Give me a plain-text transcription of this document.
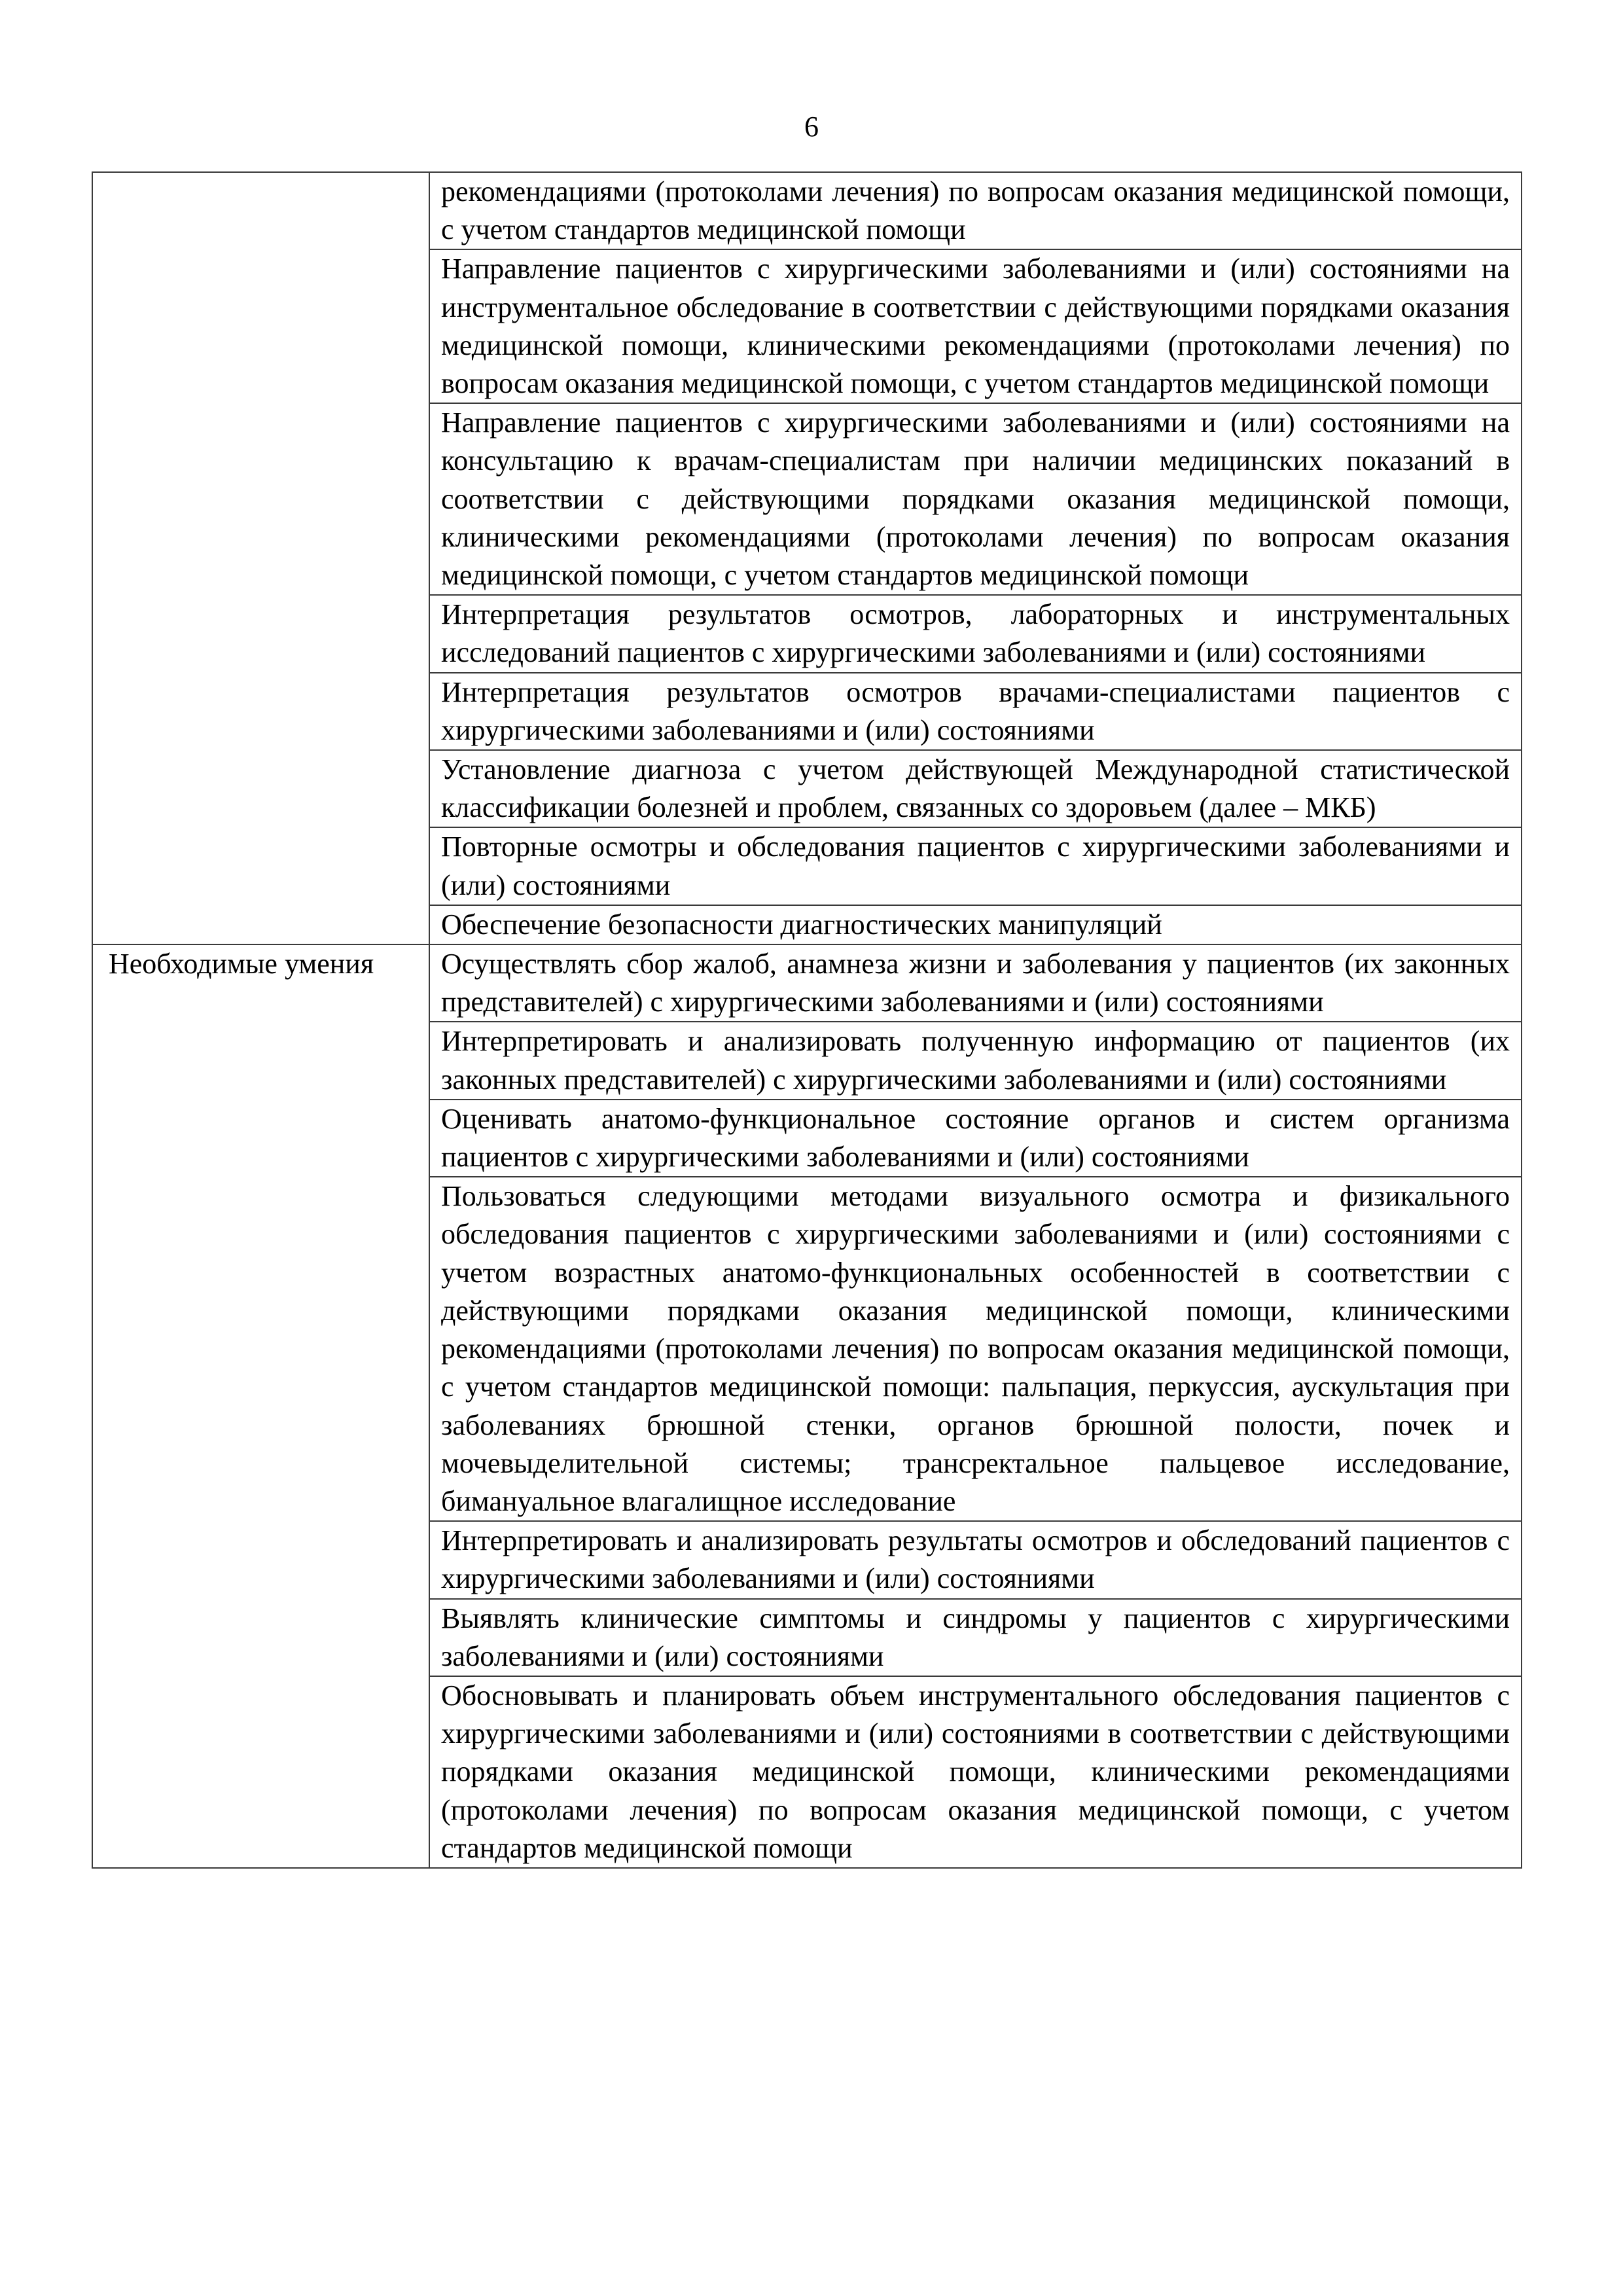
6

	рекомендациями (протоколами лечения) по вопросам оказания медицинской помощи, с учетом стандартов медицинской помощи

	Направление пациентов с хирургическими заболеваниями и (или) состояниями на инструментальное обследование в соответствии с действующими порядками оказания медицинской помощи, клиническими рекомендациями (протоколами лечения) по вопросам оказания медицинской помощи, с учетом стандартов медицинской помощи

	Направление пациентов с хирургическими заболеваниями и (или) состояниями на консультацию к врачам-специалистам при наличии медицинских показаний в соответствии с действующими порядками оказания медицинской помощи, клиническими рекомендациями (протоколами лечения) по вопросам оказания медицинской помощи, с учетом стандартов медицинской помощи

	Интерпретация результатов осмотров, лабораторных и инструментальных исследований пациентов с хирургическими заболеваниями и (или) состояниями

	Интерпретация результатов осмотров врачами-специалистами пациентов с хирургическими заболеваниями и (или) состояниями

	Установление диагноза с учетом действующей Международной статистической классификации болезней и проблем, связанных со здоровьем (далее – МКБ)

	Повторные осмотры и обследования пациентов с хирургическими заболеваниями и (или) состояниями

	Обеспечение безопасности диагностических манипуляций

Необходимые умения	Осуществлять сбор жалоб, анамнеза жизни и заболевания у пациентов (их законных представителей) с хирургическими заболеваниями и (или) состояниями

	Интерпретировать и анализировать полученную информацию от пациентов (их законных представителей) с хирургическими заболеваниями и (или) состояниями

	Оценивать анатомо-функциональное состояние органов и систем организма пациентов с хирургическими заболеваниями и (или) состояниями

	Пользоваться следующими методами визуального осмотра и физикального обследования пациентов с хирургическими заболеваниями и (или) состояниями с учетом возрастных анатомо-функциональных особенностей в соответствии с действующими порядками оказания медицинской помощи, клиническими рекомендациями (протоколами лечения) по вопросам оказания медицинской помощи, с учетом стандартов медицинской помощи: пальпация, перкуссия, аускультация при заболеваниях брюшной стенки, органов брюшной полости, почек и мочевыделительной системы; трансректальное пальцевое исследование, бимануальное влагалищное исследование

	Интерпретировать и анализировать результаты осмотров и обследований пациентов с хирургическими заболеваниями и (или) состояниями

	Выявлять клинические симптомы и синдромы у пациентов с хирургическими заболеваниями и (или) состояниями

	Обосновывать и планировать объем инструментального обследования пациентов с хирургическими заболеваниями и (или) состояниями в соответствии с действующими порядками оказания медицинской помощи, клиническими рекомендациями (протоколами лечения) по вопросам оказания медицинской помощи, с учетом стандартов медицинской помощи
